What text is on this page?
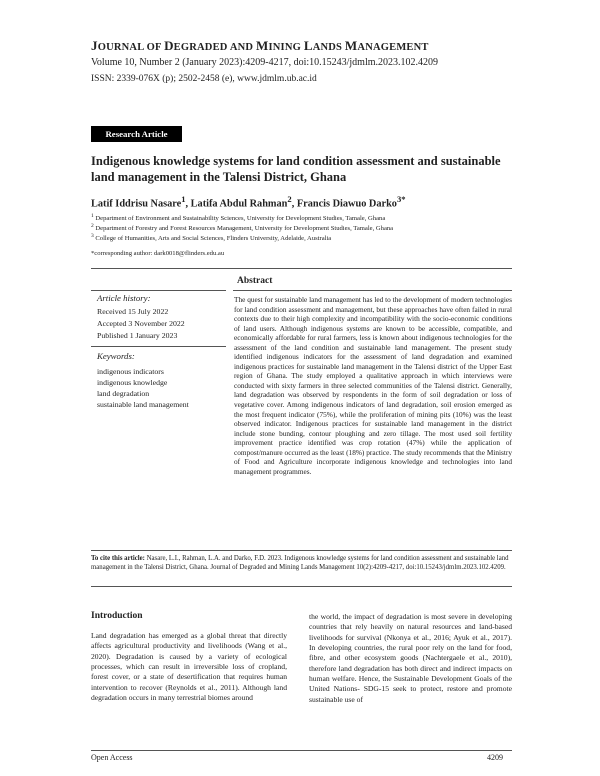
JOURNAL OF DEGRADED AND MINING LANDS MANAGEMENT
Volume 10, Number 2 (January 2023):4209-4217, doi:10.15243/jdmlm.2023.102.4209
ISSN: 2339-076X (p); 2502-2458 (e), www.jdmlm.ub.ac.id
Research Article
Indigenous knowledge systems for land condition assessment and sustainable land management in the Talensi District, Ghana
Latif Iddrisu Nasare$^1$, Latifa Abdul Rahman$^2$, Francis Diawuo Darko$^{3*}$
$^1$ Department of Environment and Sustainability Sciences, University for Development Studies, Tamale, Ghana
$^2$ Department of Forestry and Forest Resources Management, University for Development Studies, Tamale, Ghana
$^3$ College of Humanities, Arts and Social Sciences, Flinders University, Adelaide, Australia
*corresponding author: dark0018@flinders.edu.au
Abstract
Article history:
Received 15 July 2022
Accepted 3 November 2022
Published 1 January 2023
Keywords:
indigenous indicators
indigenous knowledge
land degradation
sustainable land management
The quest for sustainable land management has led to the development of modern technologies for land condition assessment and management, but these approaches have often failed in rural contexts due to their high complexity and incompatibility with the socio-economic conditions of land users. Although indigenous systems are known to be accessible, compatible, and economically affordable for rural farmers, less is known about indigenous technologies for the assessment of the land condition and sustainable land management. The present study identified indigenous indicators for the assessment of land degradation and examined indigenous practices for sustainable land management in the Talensi district of the Upper East region of Ghana. The study employed a qualitative approach in which interviews were conducted with sixty farmers in three selected communities of the Talensi district. Generally, land degradation was observed by respondents in the form of soil degradation or loss of vegetative cover. Among indigenous indicators of land degradation, soil erosion emerged as the most frequent indicator (75%), while the proliferation of mining pits (10%) was the least observed indicator. Indigenous practices for sustainable land management in the district include stone bunding, contour ploughing and zero tillage. The most used soil fertility improvement practice identified was crop rotation (47%) while the application of compost/manure occurred as the least (18%) practice. The study recommends that the Ministry of Food and Agriculture incorporate indigenous knowledge and technologies into land management programmes.
To cite this article: Nasare, L.I., Rahman, L.A. and Darko, F.D. 2023. Indigenous knowledge systems for land condition assessment and sustainable land management in the Talensi District, Ghana. Journal of Degraded and Mining Lands Management 10(2):4209-4217, doi:10.15243/jdmlm.2023.102.4209.
Introduction
Land degradation has emerged as a global threat that directly affects agricultural productivity and livelihoods (Wang et al., 2020). Degradation is caused by a variety of ecological processes, which can result in irreversible loss of cropland, forest cover, or a state of desertification that requires human intervention to recover (Reynolds et al., 2011). Although land degradation occurs in many terrestrial biomes around
the world, the impact of degradation is most severe in developing countries that rely heavily on natural resources and land-based livelihoods for survival (Nkonya et al., 2016; Ayuk et al., 2017). In developing countries, the rural poor rely on the land for food, fibre, and other ecosystem goods (Nachtergaele et al., 2010), therefore land degradation has both direct and indirect impacts on human welfare. Hence, the Sustainable Development Goals of the United Nations- SDG-15 seek to protect, restore and promote sustainable use of
Open Access	4209
